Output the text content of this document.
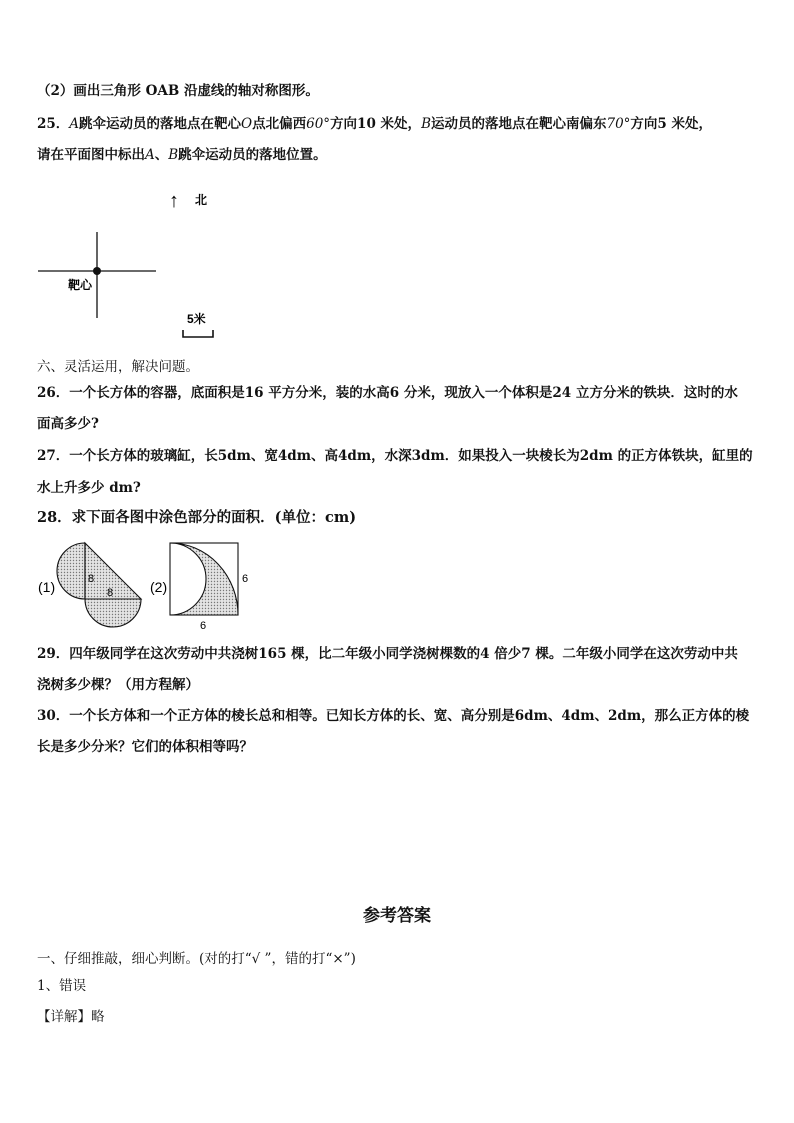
（2）画出三角形 OAB 沿虚线的轴对称图形。
25．A跳伞运动员的落地点在靶心O点北偏西60°方向10 米处，B运动员的落地点在靶心南偏东70°方向5 米处，
请在平面图中标出A、B跳伞运动员的落地位置。
↑ 北
靶心
5米
六、灵活运用，解决问题。
26．一个长方体的容器，底面积是16 平方分米，装的水高6 分米，现放入一个体积是24 立方分米的铁块．这时的水
面高多少?
27．一个长方体的玻璃缸，长5dm、宽4dm、高4dm，水深3dm．如果投入一块棱长为2dm 的正方体铁块，缸里的
水上升多少 dm?
28．求下面各图中涂色部分的面积．(单位：cm)
(1)	8
8	(2)	6
6
29．四年级同学在这次劳动中共浇树165 棵，比二年级小同学浇树棵数的4 倍少7 棵。二年级小同学在这次劳动中共
浇树多少棵？（用方程解）
30．一个长方体和一个正方体的棱长总和相等。已知长方体的长、宽、高分别是6dm、4dm、2dm，那么正方体的棱
长是多少分米？它们的体积相等吗？
参考答案
一、仔细推敲，细心判断。(对的打“√ ”，错的打“×”)
1、错误
【详解】略
